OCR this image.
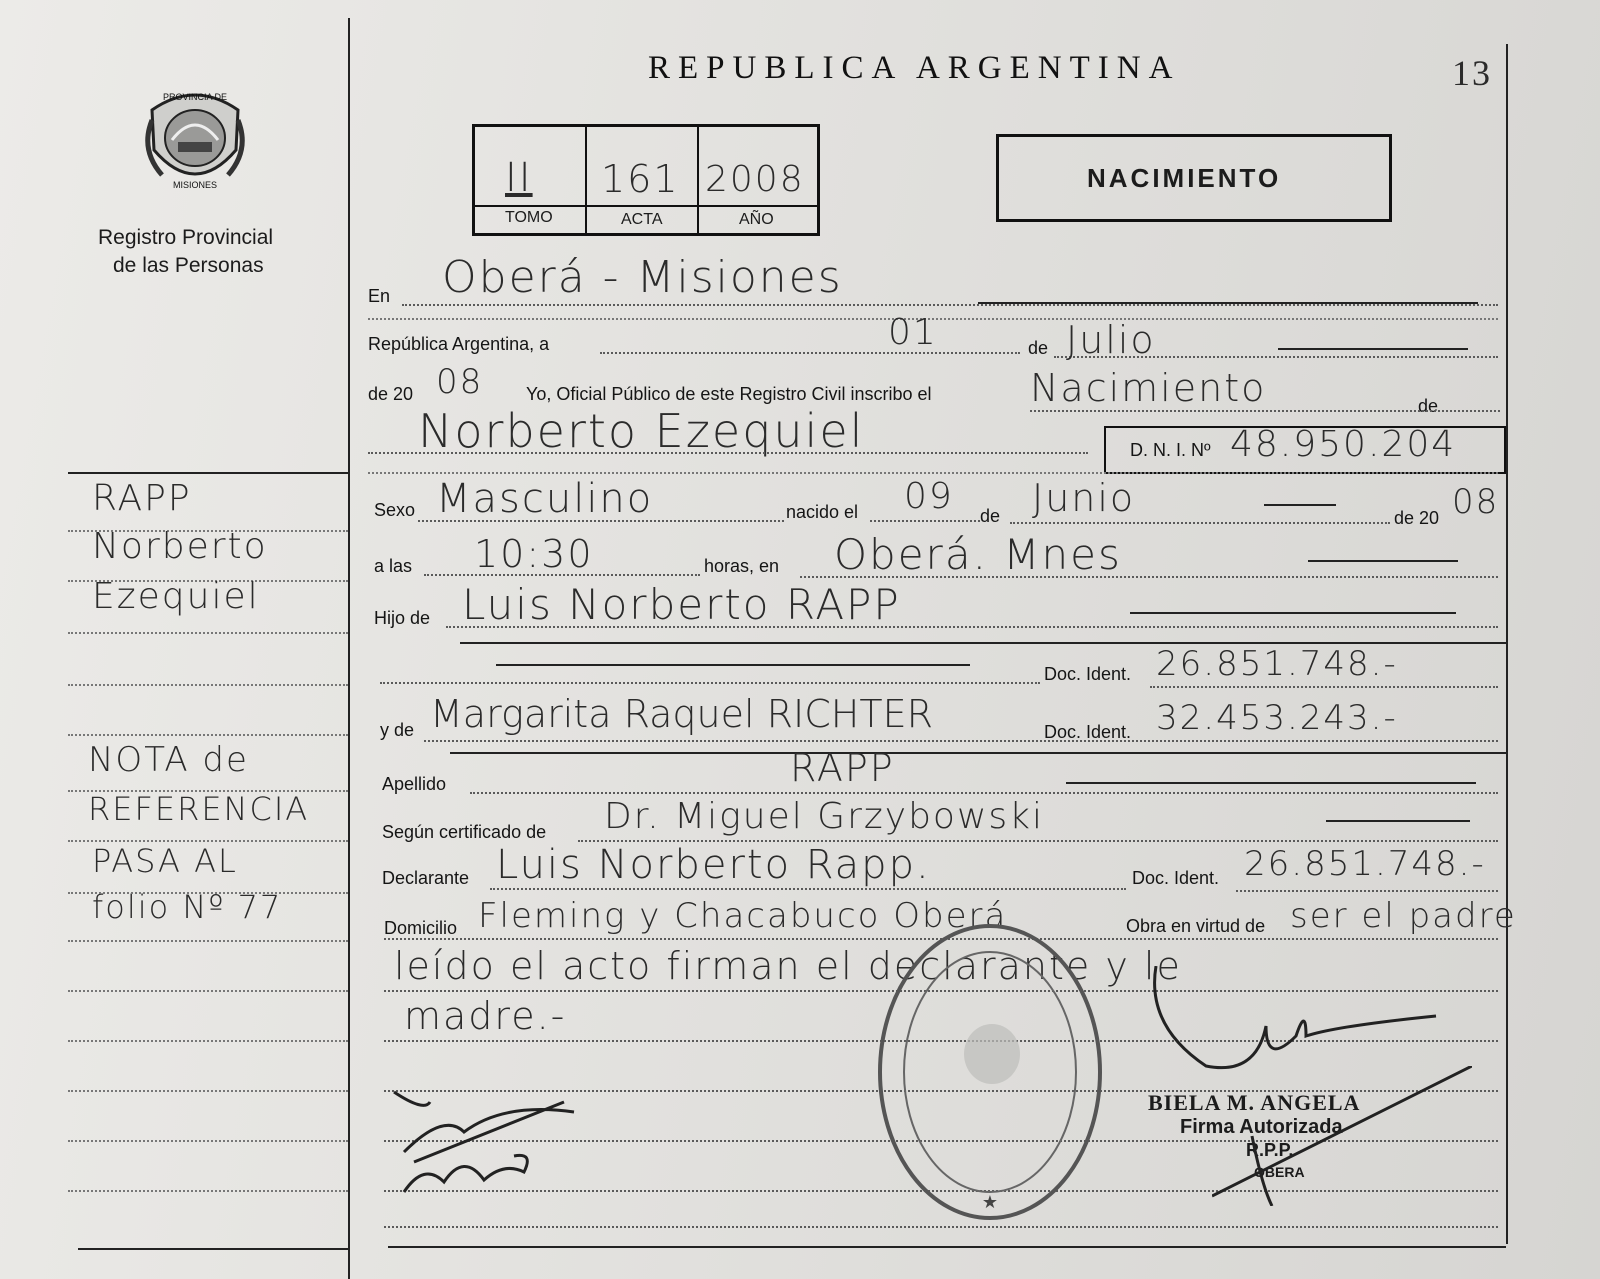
REPUBLICA ARGENTINA	13
PROVINCIA DE
MISIONES
Registro Provincial
de las Personas
II 161 2008
TOMO	ACTA	AÑO
NACIMIENTO
RAPP
Norberto
Ezequiel
NOTA de
REFERENCIA
PASA AL
folio Nº 77
En Oberá - Misiones
República Argentina, a	01	de Julio
de 20 08 Yo, Oficial Público de este Registro Civil inscribo el	Nacimiento	de
Norberto Ezequiel	D. N. I. Nº 48.950.204
Sexo Masculino	nacido el 09 de Junio	de 20 08
a las 10:30	horas, en Oberá. Mnes
Hijo de Luis Norberto RAPP
Doc. Ident. 26.851.748.-
y de Margarita Raquel RICHTER	Doc. Ident. 32.453.243.-
Apellido	RAPP
Según certificado de Dr. Miguel Grzybowski
Declarante Luis Norberto Rapp.	Doc. Ident. 26.851.748.-
Domicilio Fleming y Chacabuco Oberá	Obra en virtud de ser el padre
leído el acto firman el declarante y le
madre.-
★
BIELA M. ANGELA
Firma Autorizada
R.P.P.
OBERA
